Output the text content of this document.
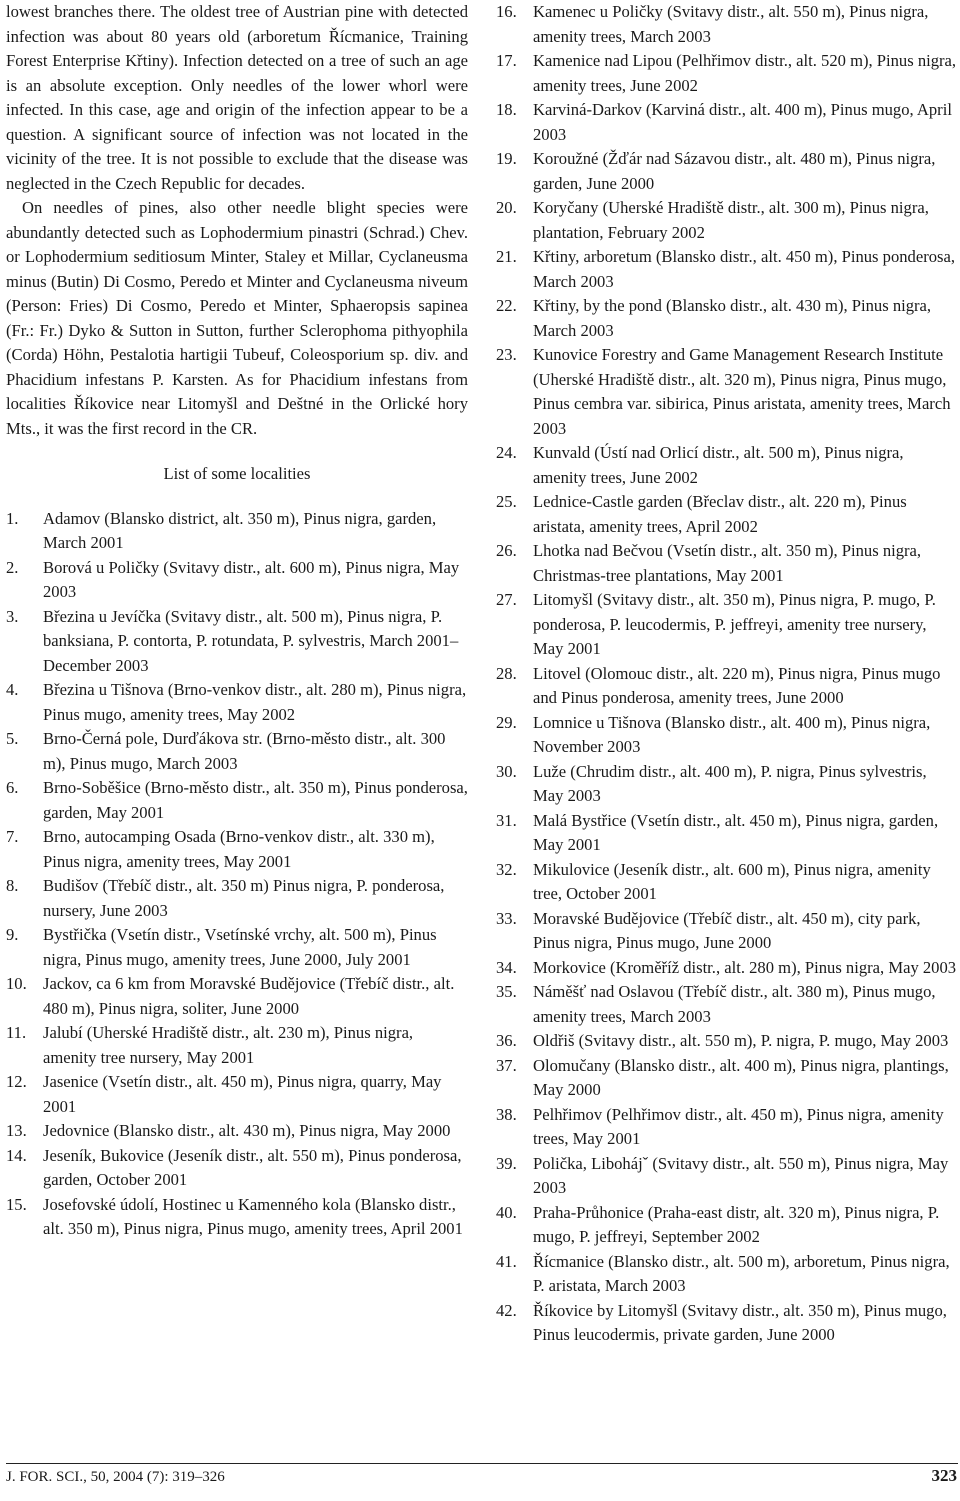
lowest branches there. The oldest tree of Austrian pine with detected infection was about 80 years old (arboretum Řícmanice, Training Forest Enterprise Křtiny). Infection detected on a tree of such an age is an absolute exception. Only needles of the lower whorl were infected. In this case, age and origin of the infection appear to be a question. A significant source of infection was not located in the vicinity of the tree. It is not possible to exclude that the disease was neglected in the Czech Republic for decades.

On needles of pines, also other needle blight species were abundantly detected such as Lophodermium pinastri (Schrad.) Chev. or Lophodermium seditiosum Minter, Staley et Millar, Cyclaneusma minus (Butin) Di Cosmo, Peredo et Minter and Cyclaneusma niveum (Person: Fries) Di Cosmo, Peredo et Minter, Sphaeropsis sapinea (Fr.: Fr.) Dyko & Sutton in Sutton, further Sclerophoma pithyophila (Corda) Höhn, Pestalotia hartigii Tubeuf, Coleosporium sp. div. and Phacidium infestans P. Karsten. As for Phacidium infestans from localities Říkovice near Litomyšl and Deštné in the Orlické hory Mts., it was the first record in the CR.

List of some localities
1. Adamov (Blansko district, alt. 350 m), Pinus nigra, garden, March 2001
2. Borová u Poličky (Svitavy distr., alt. 600 m), Pinus nigra, May 2003
3. Březina u Jevíčka (Svitavy distr., alt. 500 m), Pinus nigra, P. banksiana, P. contorta, P. rotundata, P. sylvestris, March 2001–December 2003
4. Březina u Tišnova (Brno-venkov distr., alt. 280 m), Pinus nigra, Pinus mugo, amenity trees, May 2002
5. Brno-Černá pole, Durďákova str. (Brno-město distr., alt. 300 m), Pinus mugo, March 2003
6. Brno-Soběšice (Brno-město distr., alt. 350 m), Pinus ponderosa, garden, May 2001
7. Brno, autocamping Osada (Brno-venkov distr., alt. 330 m), Pinus nigra, amenity trees, May 2001
8. Budišov (Třebíč distr., alt. 350 m) Pinus nigra, P. ponderosa, nursery, June 2003
9. Bystřička (Vsetín distr., Vsetínské vrchy, alt. 500 m), Pinus nigra, Pinus mugo, amenity trees, June 2000, July 2001
10. Jackov, ca 6 km from Moravské Budějovice (Třebíč distr., alt. 480 m), Pinus nigra, soliter, June 2000
11. Jalubí (Uherské Hradiště distr., alt. 230 m), Pinus nigra, amenity tree nursery, May 2001
12. Jasenice (Vsetín distr., alt. 450 m), Pinus nigra, quarry, May 2001
13. Jedovnice (Blansko distr., alt. 430 m), Pinus nigra, May 2000
14. Jeseník, Bukovice (Jeseník distr., alt. 550 m), Pinus ponderosa, garden, October 2001
15. Josefovské údolí, Hostinec u Kamenného kola (Blansko distr., alt. 350 m), Pinus nigra, Pinus mugo, amenity trees, April 2001
16. Kamenec u Poličky (Svitavy distr., alt. 550 m), Pinus nigra, amenity trees, March 2003
17. Kamenice nad Lipou (Pelhřimov distr., alt. 520 m), Pinus nigra, amenity trees, June 2002
18. Karviná-Darkov (Karviná distr., alt. 400 m), Pinus mugo, April 2003
19. Koroužné (Žďár nad Sázavou distr., alt. 480 m), Pinus nigra, garden, June 2000
20. Koryčany (Uherské Hradiště distr., alt. 300 m), Pinus nigra, plantation, February 2002
21. Křtiny, arboretum (Blansko distr., alt. 450 m), Pinus ponderosa, March 2003
22. Křtiny, by the pond (Blansko distr., alt. 430 m), Pinus nigra, March 2003
23. Kunovice Forestry and Game Management Research Institute (Uherské Hradiště distr., alt. 320 m), Pinus nigra, Pinus mugo, Pinus cembra var. sibirica, Pinus aristata, amenity trees, March 2003
24. Kunvald (Ústí nad Orlicí distr., alt. 500 m), Pinus nigra, amenity trees, June 2002
25. Lednice-Castle garden (Břeclav distr., alt. 220 m), Pinus aristata, amenity trees, April 2002
26. Lhotka nad Bečvou (Vsetín distr., alt. 350 m), Pinus nigra, Christmas-tree plantations, May 2001
27. Litomyšl (Svitavy distr., alt. 350 m), Pinus nigra, P. mugo, P. ponderosa, P. leucodermis, P. jeffreyi, amenity tree nursery, May 2001
28. Litovel (Olomouc distr., alt. 220 m), Pinus nigra, Pinus mugo and Pinus ponderosa, amenity trees, June 2000
29. Lomnice u Tišnova (Blansko distr., alt. 400 m), Pinus nigra, November 2003
30. Luže (Chrudim distr., alt. 400 m), P. nigra, Pinus sylvestris, May 2003
31. Malá Bystřice (Vsetín distr., alt. 450 m), Pinus nigra, garden, May 2001
32. Mikulovice (Jeseník distr., alt. 600 m), Pinus nigra, amenity tree, October 2001
33. Moravské Budějovice (Třebíč distr., alt. 450 m), city park, Pinus nigra, Pinus mugo, June 2000
34. Morkovice (Kroměříž distr., alt. 280 m), Pinus nigra, May 2003
35. Náměšť nad Oslavou (Třebíč distr., alt. 380 m), Pinus mugo, amenity trees, March 2003
36. Oldřiš (Svitavy distr., alt. 550 m), P. nigra, P. mugo, May 2003
37. Olomučany (Blansko distr., alt. 400 m), Pinus nigra, plantings, May 2000
38. Pelhřimov (Pelhřimov distr., alt. 450 m), Pinus nigra, amenity trees, May 2001
39. Polička, Libohájˇ (Svitavy distr., alt. 550 m), Pinus nigra, May 2003
40. Praha-Průhonice (Praha-east distr, alt. 320 m), Pinus nigra, P. mugo, P. jeffreyi, September 2002
41. Řícmanice (Blansko distr., alt. 500 m), arboretum, Pinus nigra, P. aristata, March 2003
42. Říkovice by Litomyšl (Svitavy distr., alt. 350 m), Pinus mugo, Pinus leucodermis, private garden, June 2000
J. FOR. SCI., 50, 2004 (7): 319–326	323
